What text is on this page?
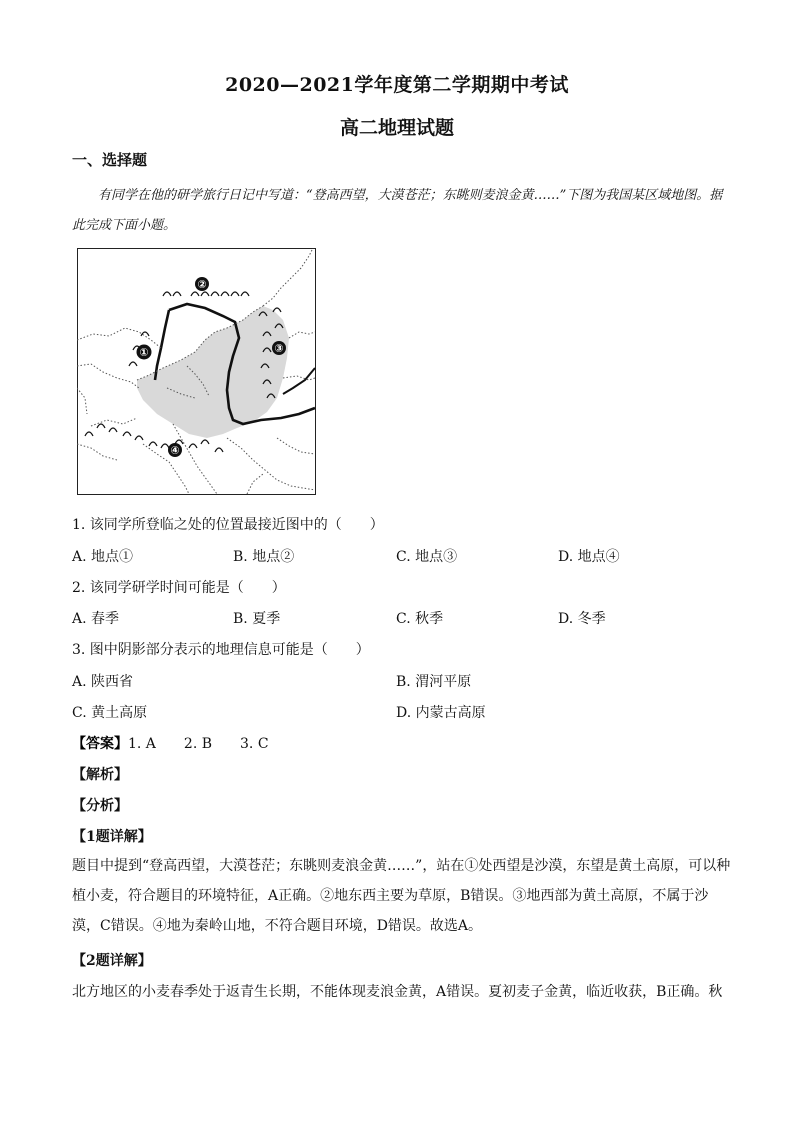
2020—2021学年度第二学期期中考试
高二地理试题
一、选择题
有同学在他的研学旅行日记中写道：“登高西望，大漠苍茫；东眺则麦浪金黄……”下图为我国某区域地图。据此完成下面小题。
①
②
③
④
1. 该同学所登临之处的位置最接近图中的（　　）
A. 地点①	B. 地点②	C. 地点③	D. 地点④
2. 该同学研学时间可能是（　　）
A. 春季	B. 夏季	C. 秋季	D. 冬季
3. 图中阴影部分表示的地理信息可能是（　　）
A. 陕西省	B. 渭河平原
C. 黄土高原	D. 内蒙古高原
【答案】1. A　　2. B　　3. C
【解析】
【分析】
【1题详解】
题目中提到“登高西望，大漠苍茫；东眺则麦浪金黄……”，站在①处西望是沙漠，东望是黄土高原，可以种植小麦，符合题目的环境特征，A正确。②地东西主要为草原，B错误。③地西部为黄土高原，不属于沙漠，C错误。④地为秦岭山地，不符合题目环境，D错误。故选A。
【2题详解】
北方地区的小麦春季处于返青生长期，不能体现麦浪金黄，A错误。夏初麦子金黄，临近收获，B正确。秋
